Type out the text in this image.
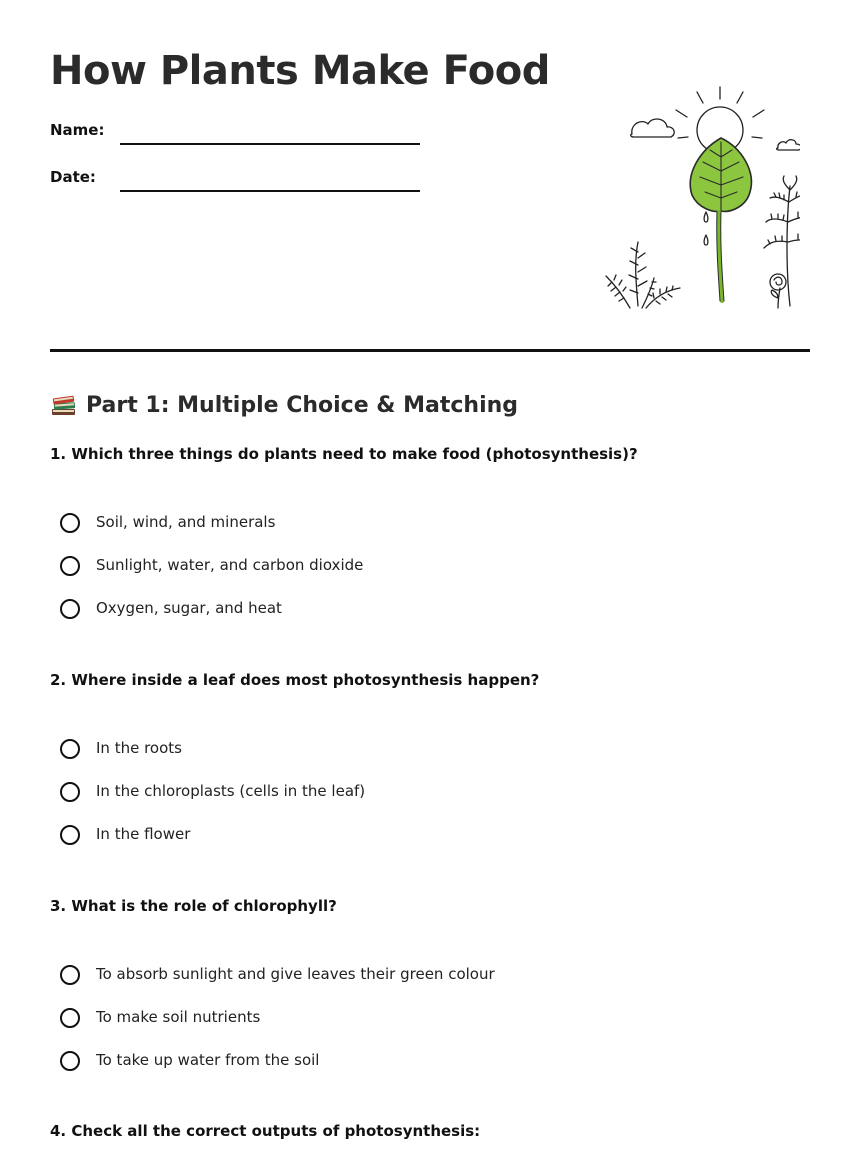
How Plants Make Food
Name:
Date:
Part 1: Multiple Choice & Matching

1. Which three things do plants need to make food (photosynthesis)?

Soil, wind, and minerals
Sunlight, water, and carbon dioxide
Oxygen, sugar, and heat

2. Where inside a leaf does most photosynthesis happen?

In the roots
In the chloroplasts (cells in the leaf)
In the flower

3. What is the role of chlorophyll?

To absorb sunlight and give leaves their green colour
To make soil nutrients
To take up water from the soil

4. Check all the correct outputs of photosynthesis:
